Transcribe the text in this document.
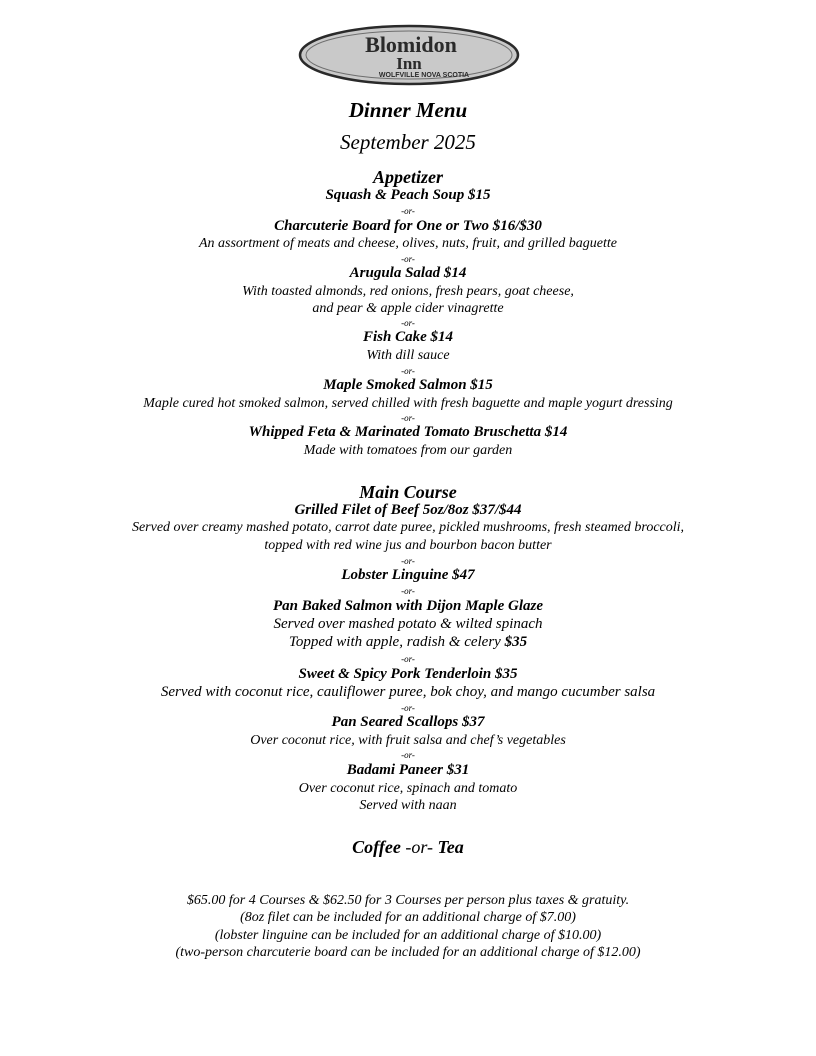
Blomidon
Inn
WOLFVILLE NOVA SCOTIA
Dinner Menu
September 2025
Appetizer
Squash & Peach Soup $15
-or-
Charcuterie Board for One or Two $16/$30
An assortment of meats and cheese, olives, nuts, fruit, and grilled baguette
-or-
Arugula Salad $14
With toasted almonds, red onions, fresh pears, goat cheese,
and pear & apple cider vinagrette
-or-
Fish Cake $14
With dill sauce
-or-
Maple Smoked Salmon $15
Maple cured hot smoked salmon, served chilled with fresh baguette and maple yogurt dressing
-or-
Whipped Feta & Marinated Tomato Bruschetta $14
Made with tomatoes from our garden
Main Course
Grilled Filet of Beef 5oz/8oz $37/$44
Served over creamy mashed potato, carrot date puree, pickled mushrooms, fresh steamed broccoli,
topped with red wine jus and bourbon bacon butter
-or-
Lobster Linguine $47
-or-
Pan Baked Salmon with Dijon Maple Glaze
Served over mashed potato & wilted spinach
Topped with apple, radish & celery $35
-or-
Sweet & Spicy Pork Tenderloin $35
Served with coconut rice, cauliflower puree, bok choy, and mango cucumber salsa
-or-
Pan Seared Scallops $37
Over coconut rice, with fruit salsa and chef’s vegetables
-or-
Badami Paneer $31
Over coconut rice, spinach and tomato
Served with naan
Coffee -or- Tea
$65.00 for 4 Courses & $62.50 for 3 Courses per person plus taxes & gratuity.
(8oz filet can be included for an additional charge of $7.00)
(lobster linguine can be included for an additional charge of $10.00)
(two-person charcuterie board can be included for an additional charge of $12.00)
